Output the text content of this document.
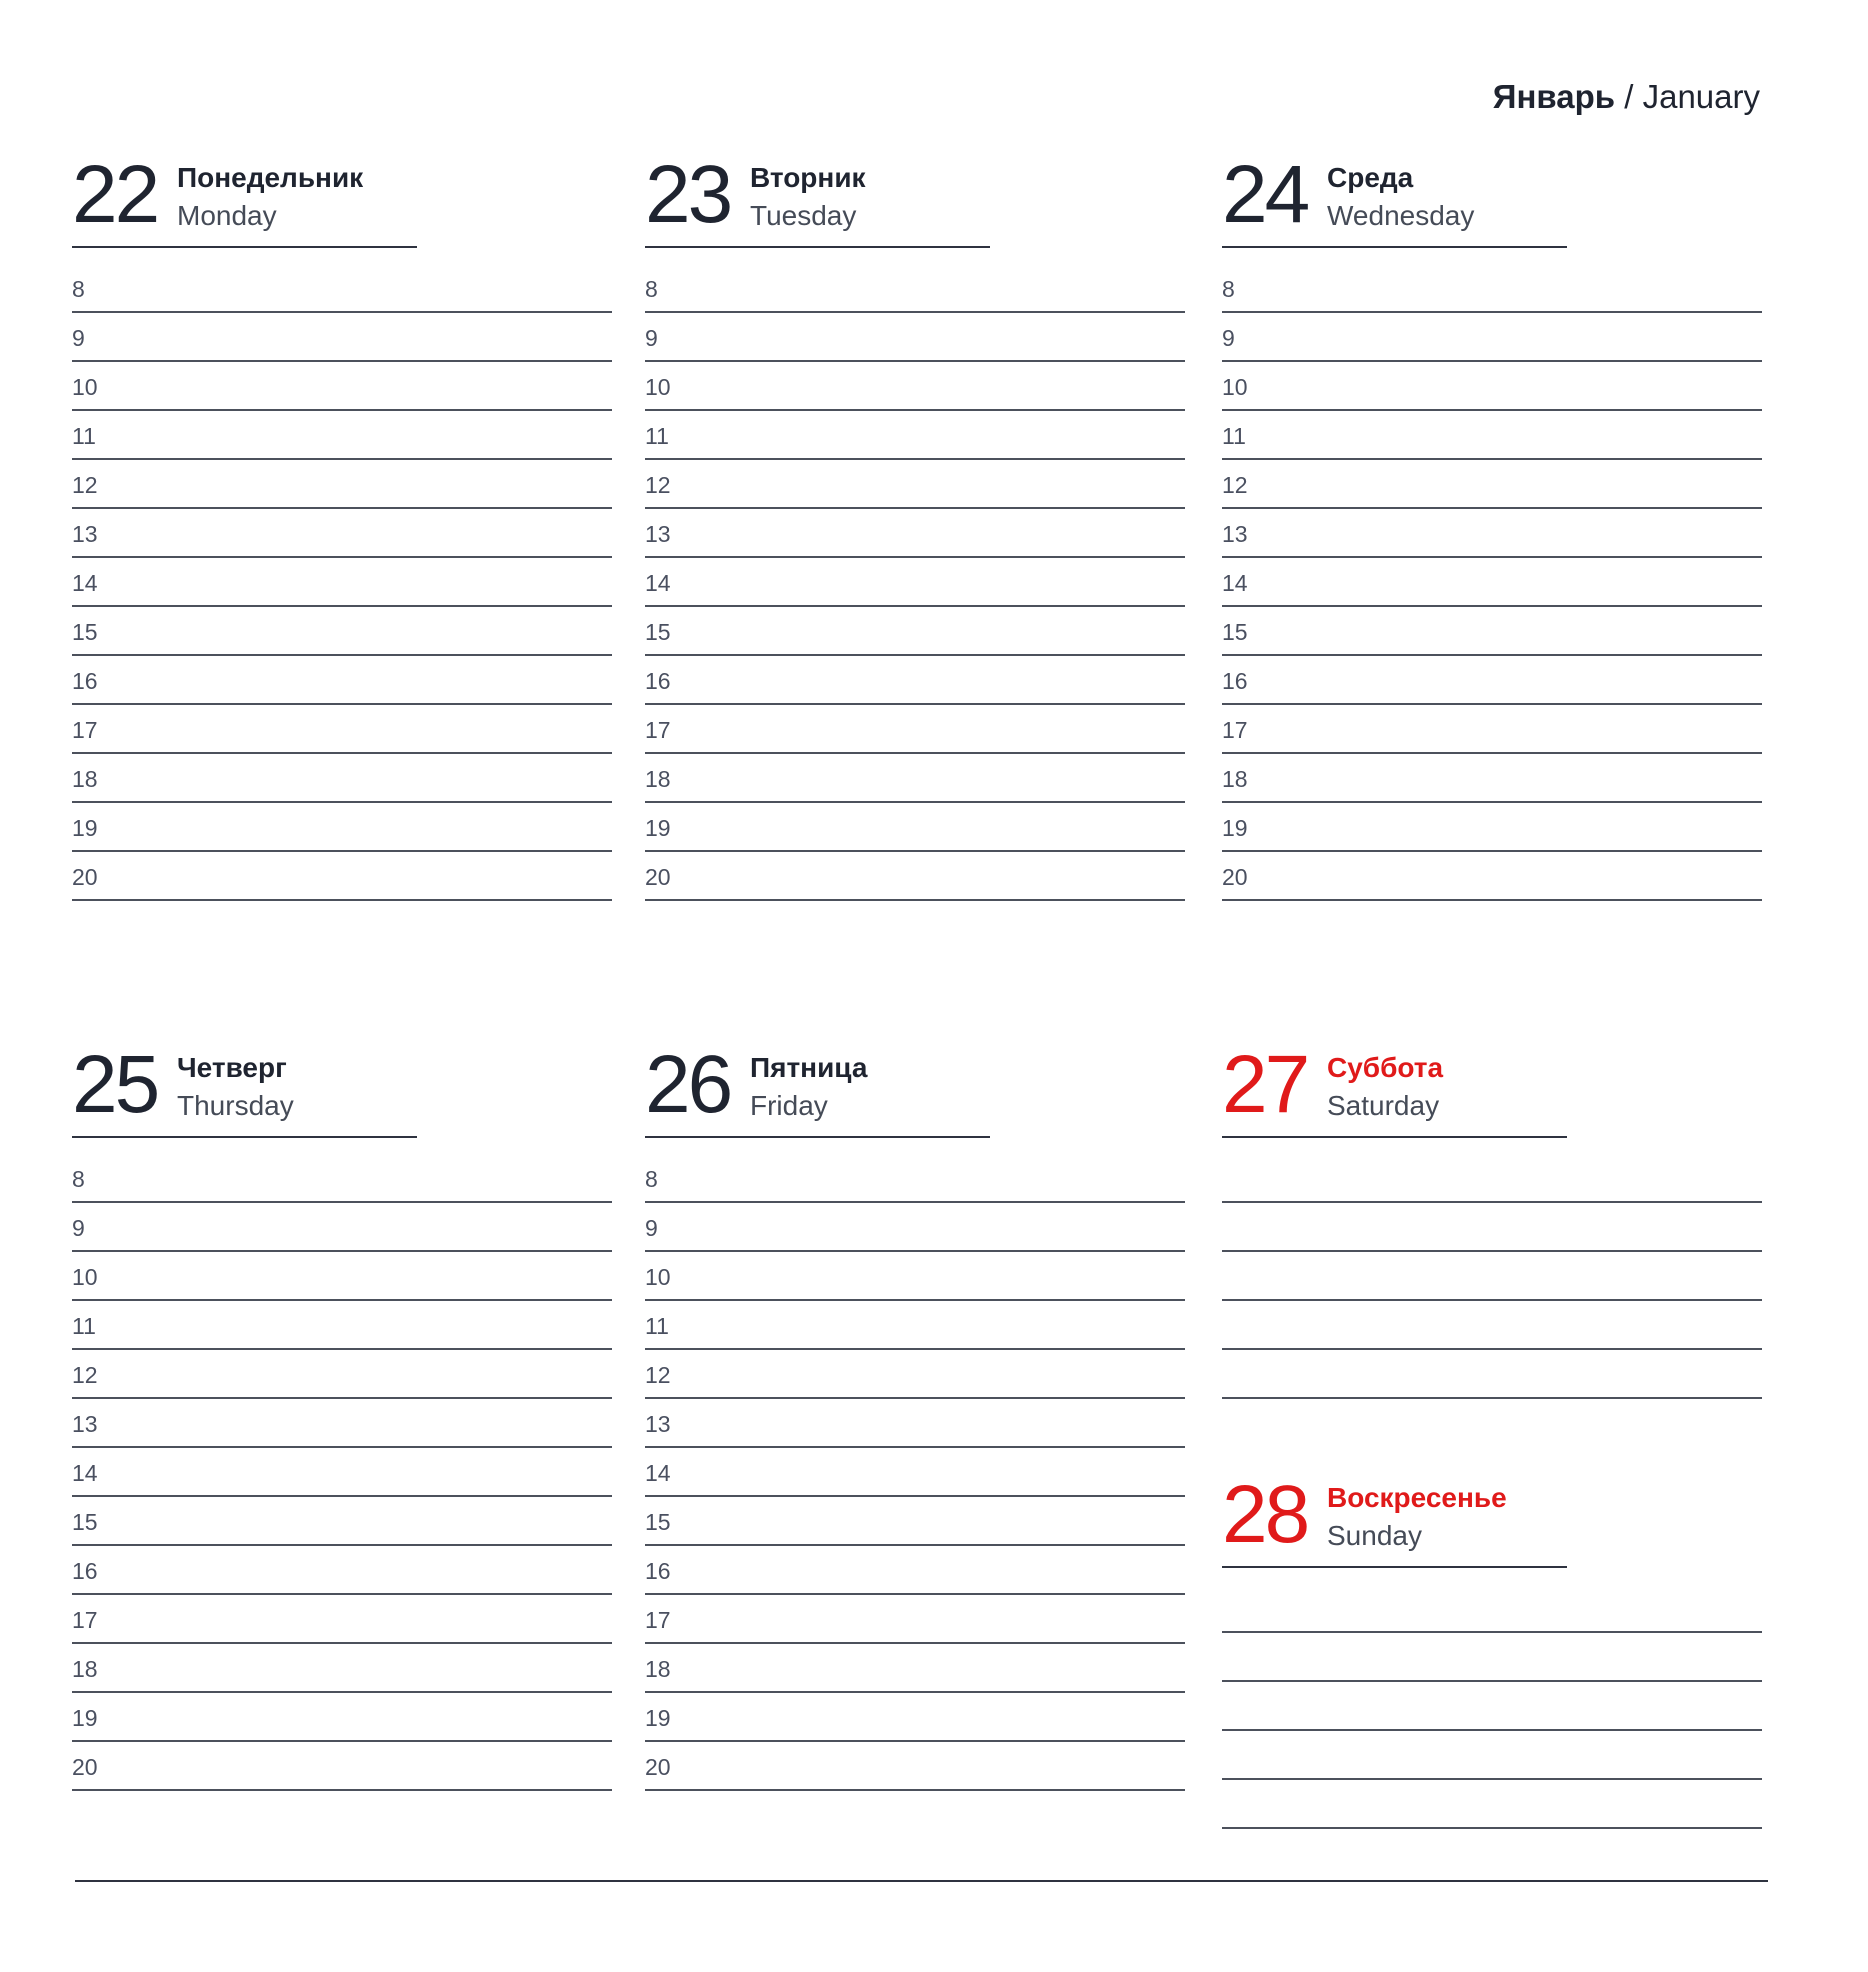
Январь / January
22 Понедельник
Monday
8
9
10
11
12
13
14
15
16
17
18
19
20
23 Вторник
Tuesday
8
9
10
11
12
13
14
15
16
17
18
19
20
24 Среда
Wednesday
8
9
10
11
12
13
14
15
16
17
18
19
20
25 Четверг
Thursday
8
9
10
11
12
13
14
15
16
17
18
19
20
26 Пятница
Friday
8
9
10
11
12
13
14
15
16
17
18
19
20
27 Суббота
Saturday
28 Воскресенье
Sunday
